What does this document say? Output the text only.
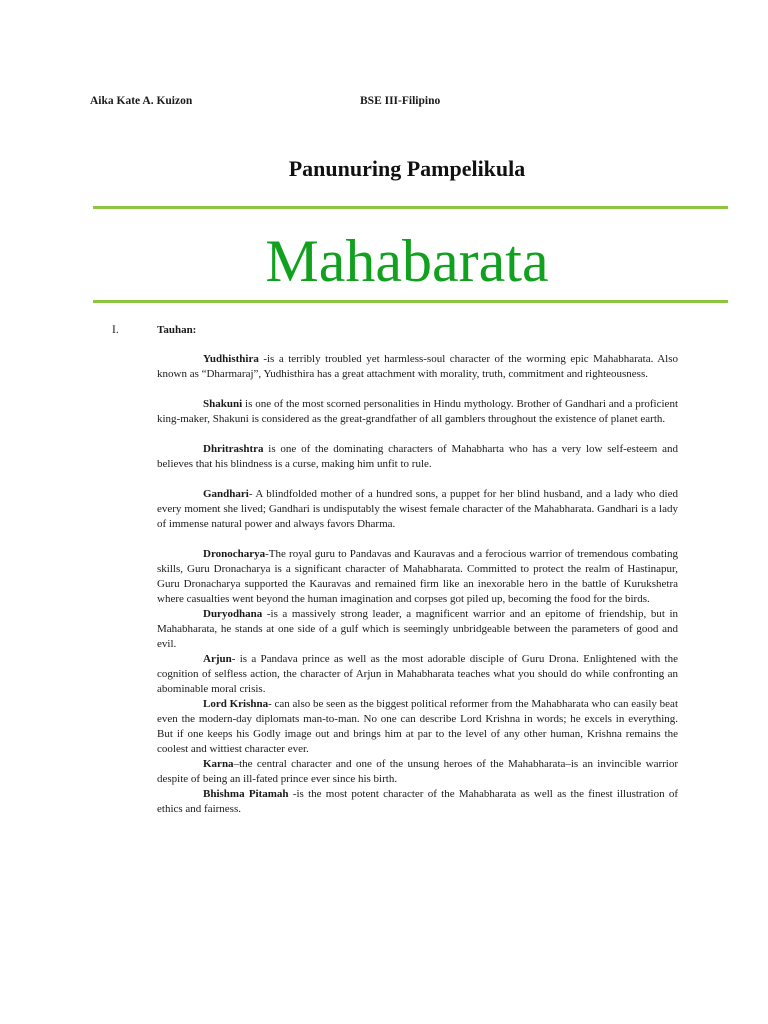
Aika Kate A. Kuizon	BSE III-Filipino
Panunuring Pampelikula
Mahabarata
I.	Tauhan:

Yudhisthira -is a terribly troubled yet harmless-soul character of the worming epic Mahabharata. Also known as “Dharmaraj”, Yudhisthira has a great attachment with morality, truth, commitment and righteousness.

Shakuni is one of the most scorned personalities in Hindu mythology. Brother of Gandhari and a proficient king-maker, Shakuni is considered as the great-grandfather of all gamblers throughout the existence of planet earth.

Dhritrashtra is one of the dominating characters of Mahabharta who has a very low self-esteem and believes that his blindness is a curse, making him unfit to rule.

Gandhari- A blindfolded mother of a hundred sons, a puppet for her blind husband, and a lady who died every moment she lived; Gandhari is undisputably the wisest female character of the Mahabharata. Gandhari is a lady of immense natural power and always favors Dharma.

Dronocharya-The royal guru to Pandavas and Kauravas and a ferocious warrior of tremendous combating skills, Guru Dronacharya is a significant character of Mahabharata. Committed to protect the realm of Hastinapur, Guru Dronacharya supported the Kauravas and remained firm like an inexorable hero in the battle of Kurukshetra where casualties went beyond the human imagination and corpses got piled up, becoming the food for the birds.

Duryodhana -is a massively strong leader, a magnificent warrior and an epitome of friendship, but in Mahabharata, he stands at one side of a gulf which is seemingly unbridgeable between the parameters of good and evil.

Arjun- is a Pandava prince as well as the most adorable disciple of Guru Drona. Enlightened with the cognition of selfless action, the character of Arjun in Mahabharata teaches what you should do while confronting an abominable moral crisis.

Lord Krishna- can also be seen as the biggest political reformer from the Mahabharata who can easily beat even the modern-day diplomats man-to-man. No one can describe Lord Krishna in words; he excels in everything. But if one keeps his Godly image out and brings him at par to the level of any other human, Krishna remains the coolest and wittiest character ever.

Karna–the central character and one of the unsung heroes of the Mahabharata–is an invincible warrior despite of being an ill-fated prince ever since his birth.

Bhishma Pitamah -is the most potent character of the Mahabharata as well as the finest illustration of ethics and fairness.
